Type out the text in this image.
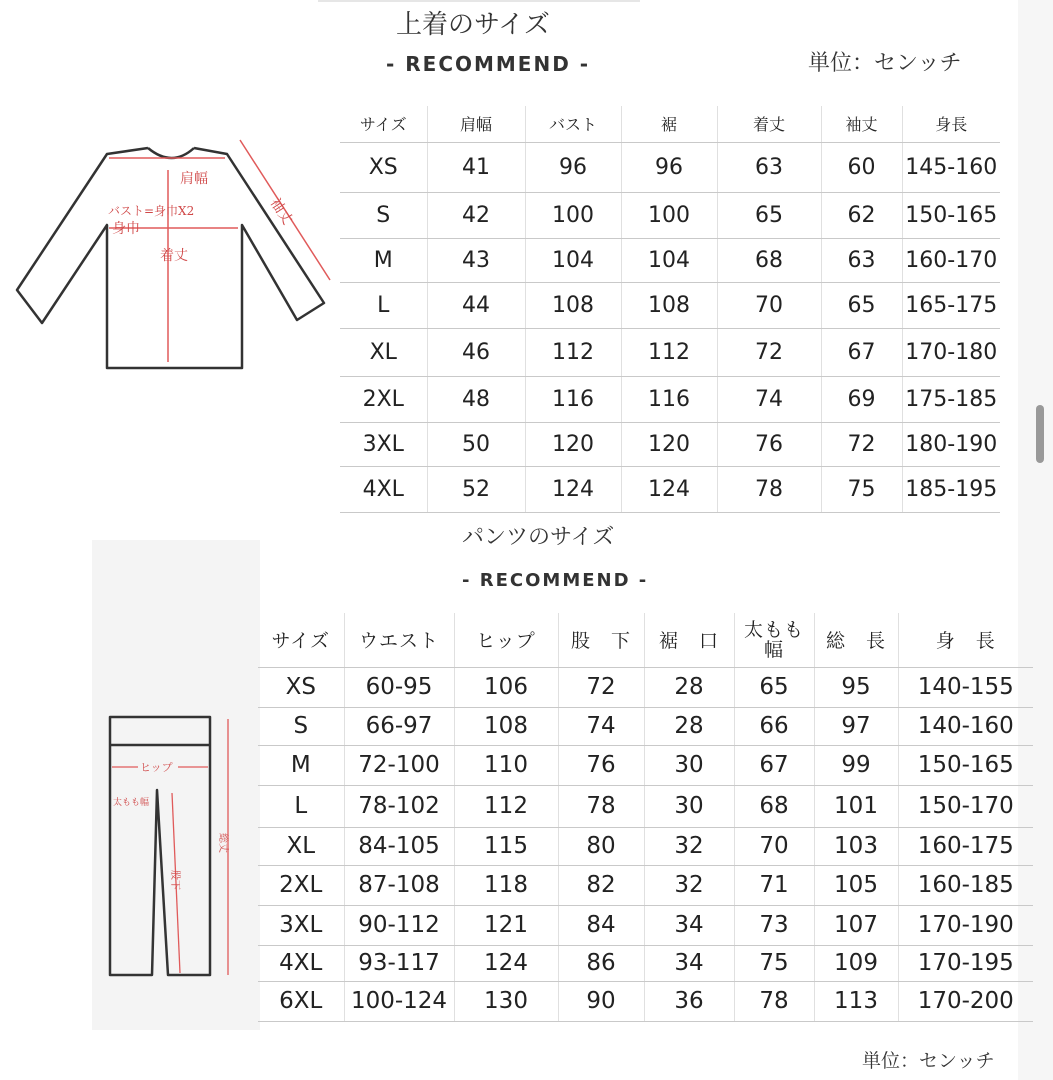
上着のサイズ
- RECOMMEND -	単位：センッチ
肩幅
バスト=身巾X2
身巾
着丈
袖丈
サイズ	肩幅	バスト	裾	着丈	袖丈	身長
XS	41	96	96	63	60	145-160
S	42	100	100	65	62	150-165
M	43	104	104	68	63	160-170
L	44	108	108	70	65	165-175
XL	46	112	112	72	67	170-180
2XL	48	116	116	74	69	175-185
3XL	50	120	120	76	72	180-190
4XL	52	124	124	78	75	185-195
パンツのサイズ
- RECOMMEND -
ヒップ
太もも幅
股下
総丈
サイズ	ウエスト	ヒップ	股　下	裾　口	太もも幅	総　長	身　長
XS	60-95	106	72	28	65	95	140-155
S	66-97	108	74	28	66	97	140-160
M	72-100	110	76	30	67	99	150-165
L	78-102	112	78	30	68	101	150-170
XL	84-105	115	80	32	70	103	160-175
2XL	87-108	118	82	32	71	105	160-185
3XL	90-112	121	84	34	73	107	170-190
4XL	93-117	124	86	34	75	109	170-195
6XL	100-124	130	90	36	78	113	170-200
単位：センッチ
